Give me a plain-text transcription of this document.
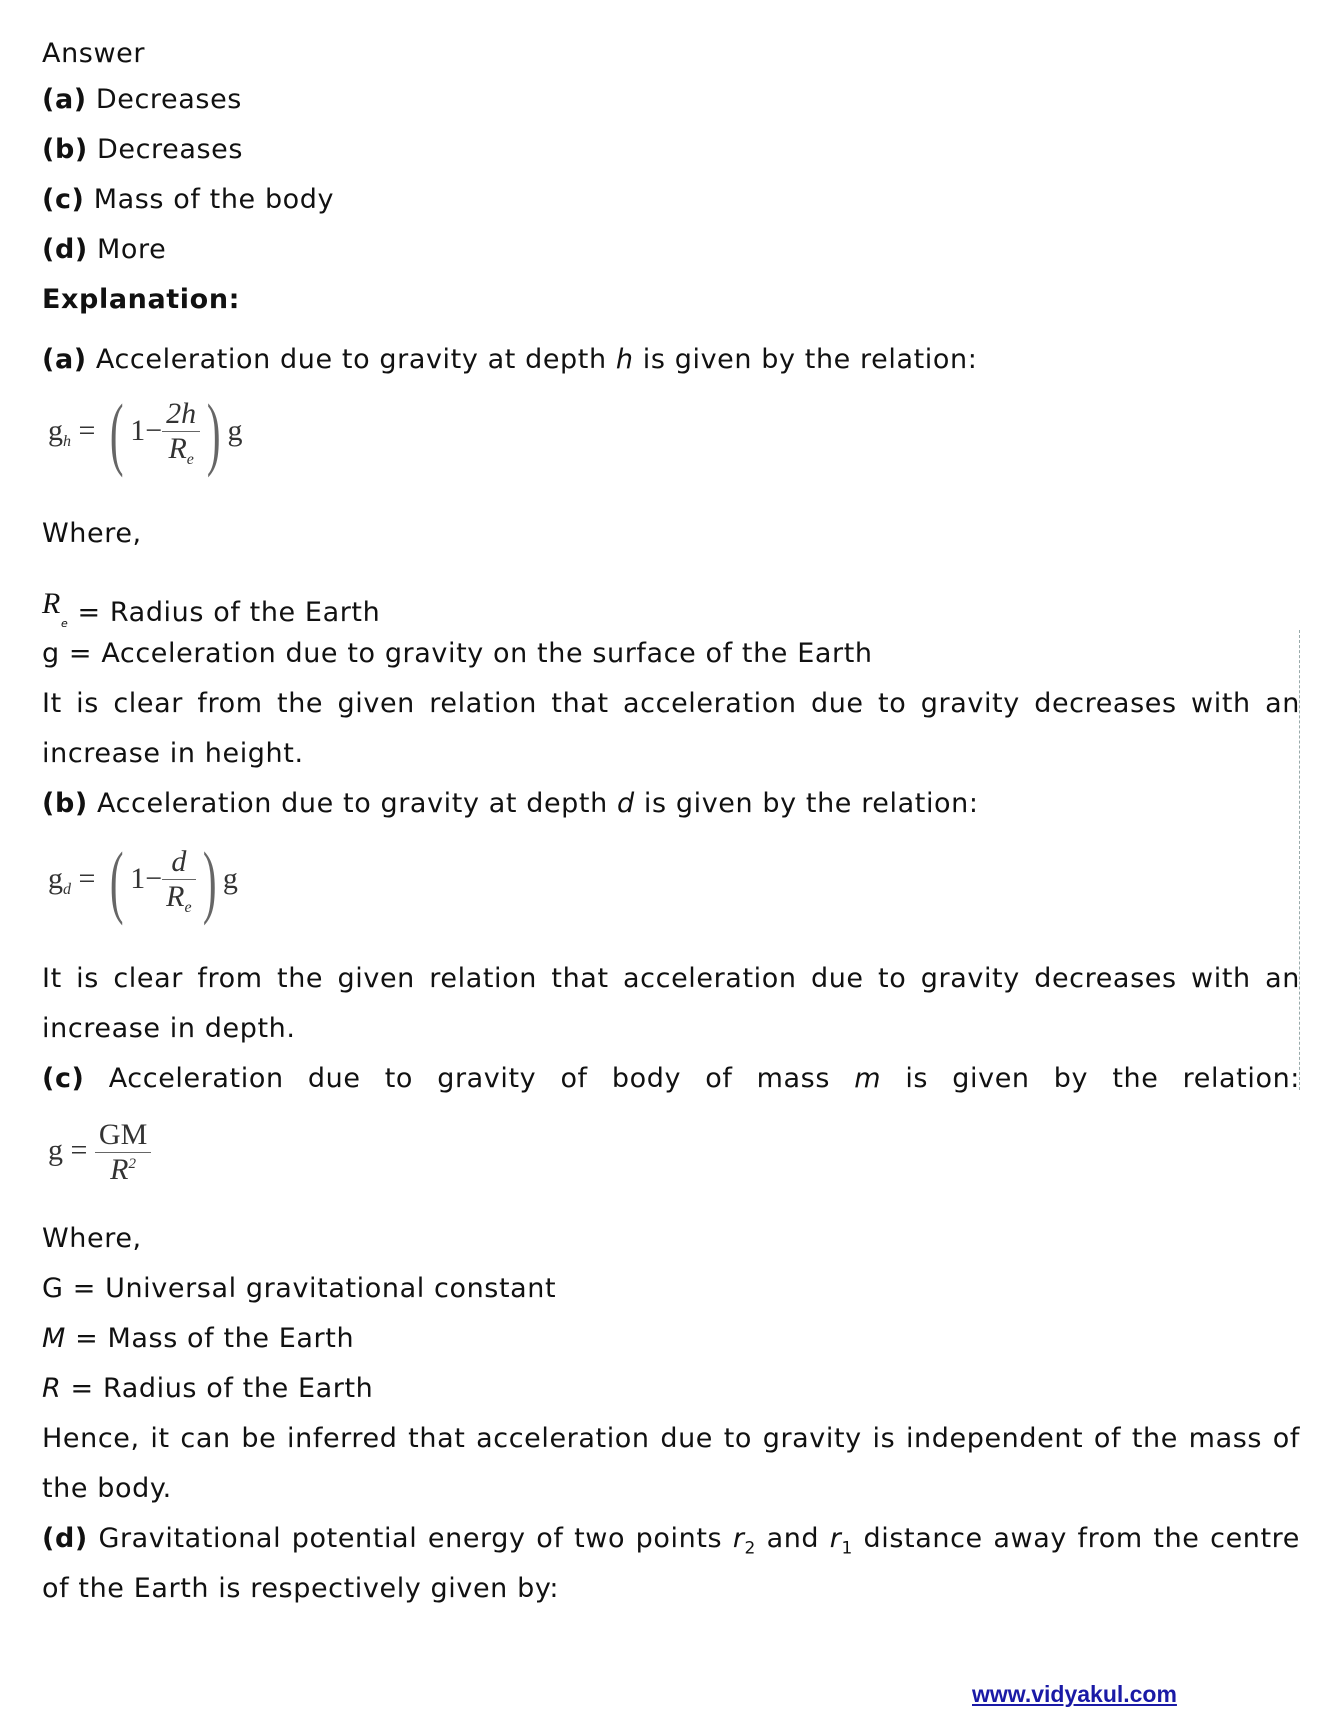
Answer
(a) Decreases
(b) Decreases
(c) Mass of the body
(d) More
Explanation:
(a) Acceleration due to gravity at depth h is given by the relation:
$g_h$ = ( $1- \frac{2h}{R_e}$ ) g
Where,
$R_e$ = Radius of the Earth
g = Acceleration due to gravity on the surface of the Earth
It is clear from the given relation that acceleration due to gravity decreases with an
increase in height.
(b) Acceleration due to gravity at depth d is given by the relation:
$g_d$ = ( $1- \frac{d}{R_e}$ ) g
It is clear from the given relation that acceleration due to gravity decreases with an
increase in depth.
(c) Acceleration due to gravity of body of mass m is given by the relation:
$g = \frac{GM}{R^2}$
Where,
G = Universal gravitational constant
M = Mass of the Earth
R = Radius of the Earth
Hence, it can be inferred that acceleration due to gravity is independent of the mass of
the body.
(d) Gravitational potential energy of two points $r_2$ and $r_1$ distance away from the centre
of the Earth is respectively given by:
www.vidyakul.com
